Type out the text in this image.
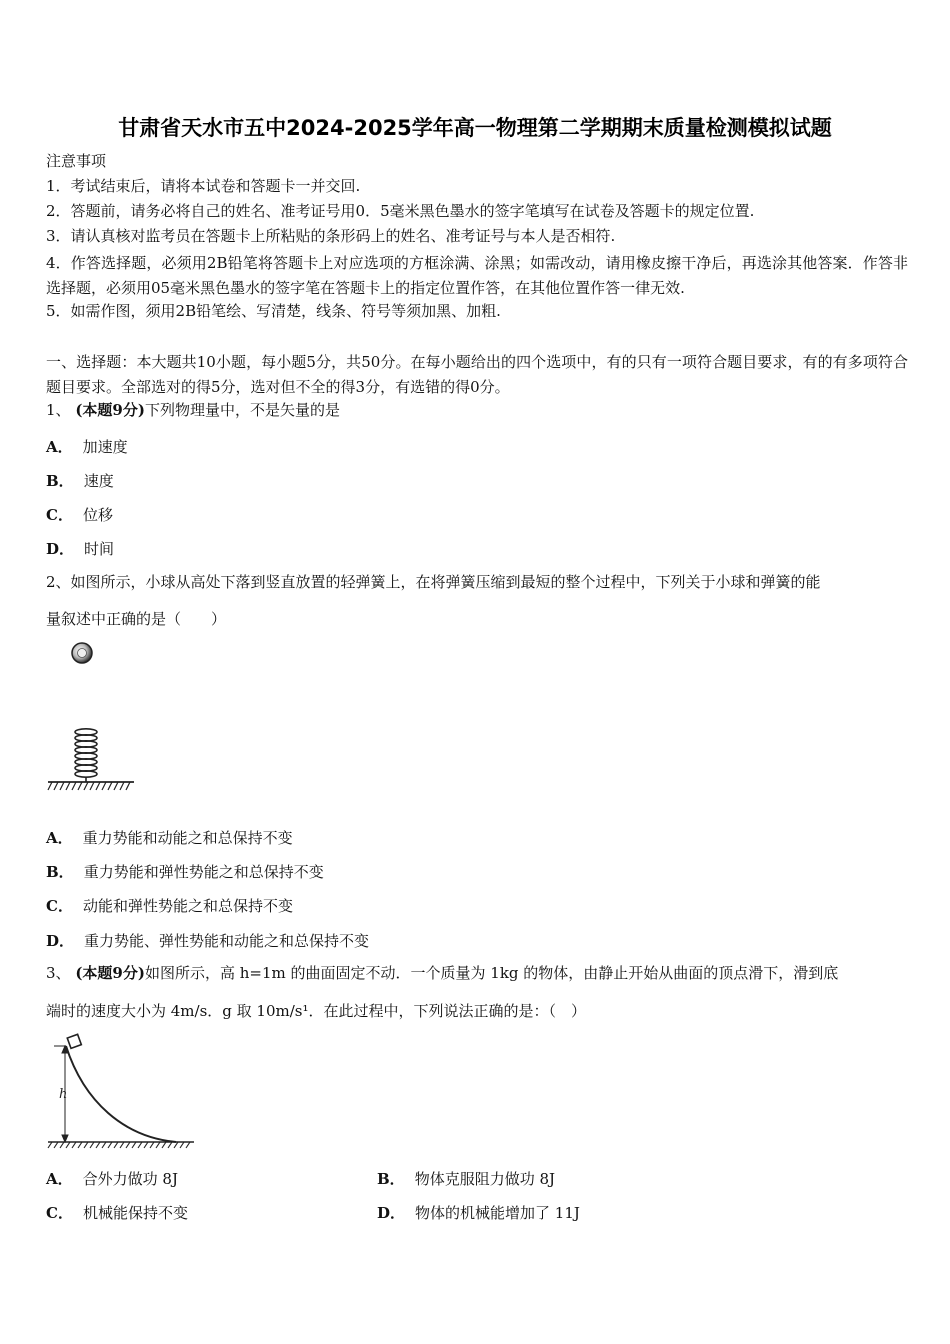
甘肃省天水市五中2024-2025学年高一物理第二学期期末质量检测模拟试题
注意事项
1．考试结束后，请将本试卷和答题卡一并交回.
2．答题前，请务必将自己的姓名、准考证号用0．5毫米黑色墨水的签字笔填写在试卷及答题卡的规定位置.
3．请认真核对监考员在答题卡上所粘贴的条形码上的姓名、准考证号与本人是否相符.
4．作答选择题，必须用2B铅笔将答题卡上对应选项的方框涂满、涂黑；如需改动，请用橡皮擦干净后，再选涂其他答案．作答非选择题，必须用05毫米黑色墨水的签字笔在答题卡上的指定位置作答，在其他位置作答一律无效.
5．如需作图，须用2B铅笔绘、写清楚，线条、符号等须加黑、加粗.
一、选择题：本大题共10小题，每小题5分，共50分。在每小题给出的四个选项中，有的只有一项符合题目要求，有的有多项符合题目要求。全部选对的得5分，选对但不全的得3分，有选错的得0分。
1、 (本题9分)下列物理量中，不是矢量的是
A． 加速度
B． 速度
C． 位移
D． 时间
2、如图所示，小球从高处下落到竖直放置的轻弹簧上，在将弹簧压缩到最短的整个过程中，下列关于小球和弹簧的能
量叙述中正确的是（　　）
A． 重力势能和动能之和总保持不变
B． 重力势能和弹性势能之和总保持不变
C． 动能和弹性势能之和总保持不变
D． 重力势能、弹性势能和动能之和总保持不变
3、 (本题9分)如图所示，高 h=1m 的曲面固定不动．一个质量为 1kg 的物体，由静止开始从曲面的顶点滑下，滑到底
端时的速度大小为 4m/s．g 取 10m/s¹．在此过程中，下列说法正确的是：（　）
h
A． 合外力做功 8J	B． 物体克服阻力做功 8J
C． 机械能保持不变	D． 物体的机械能增加了 11J
